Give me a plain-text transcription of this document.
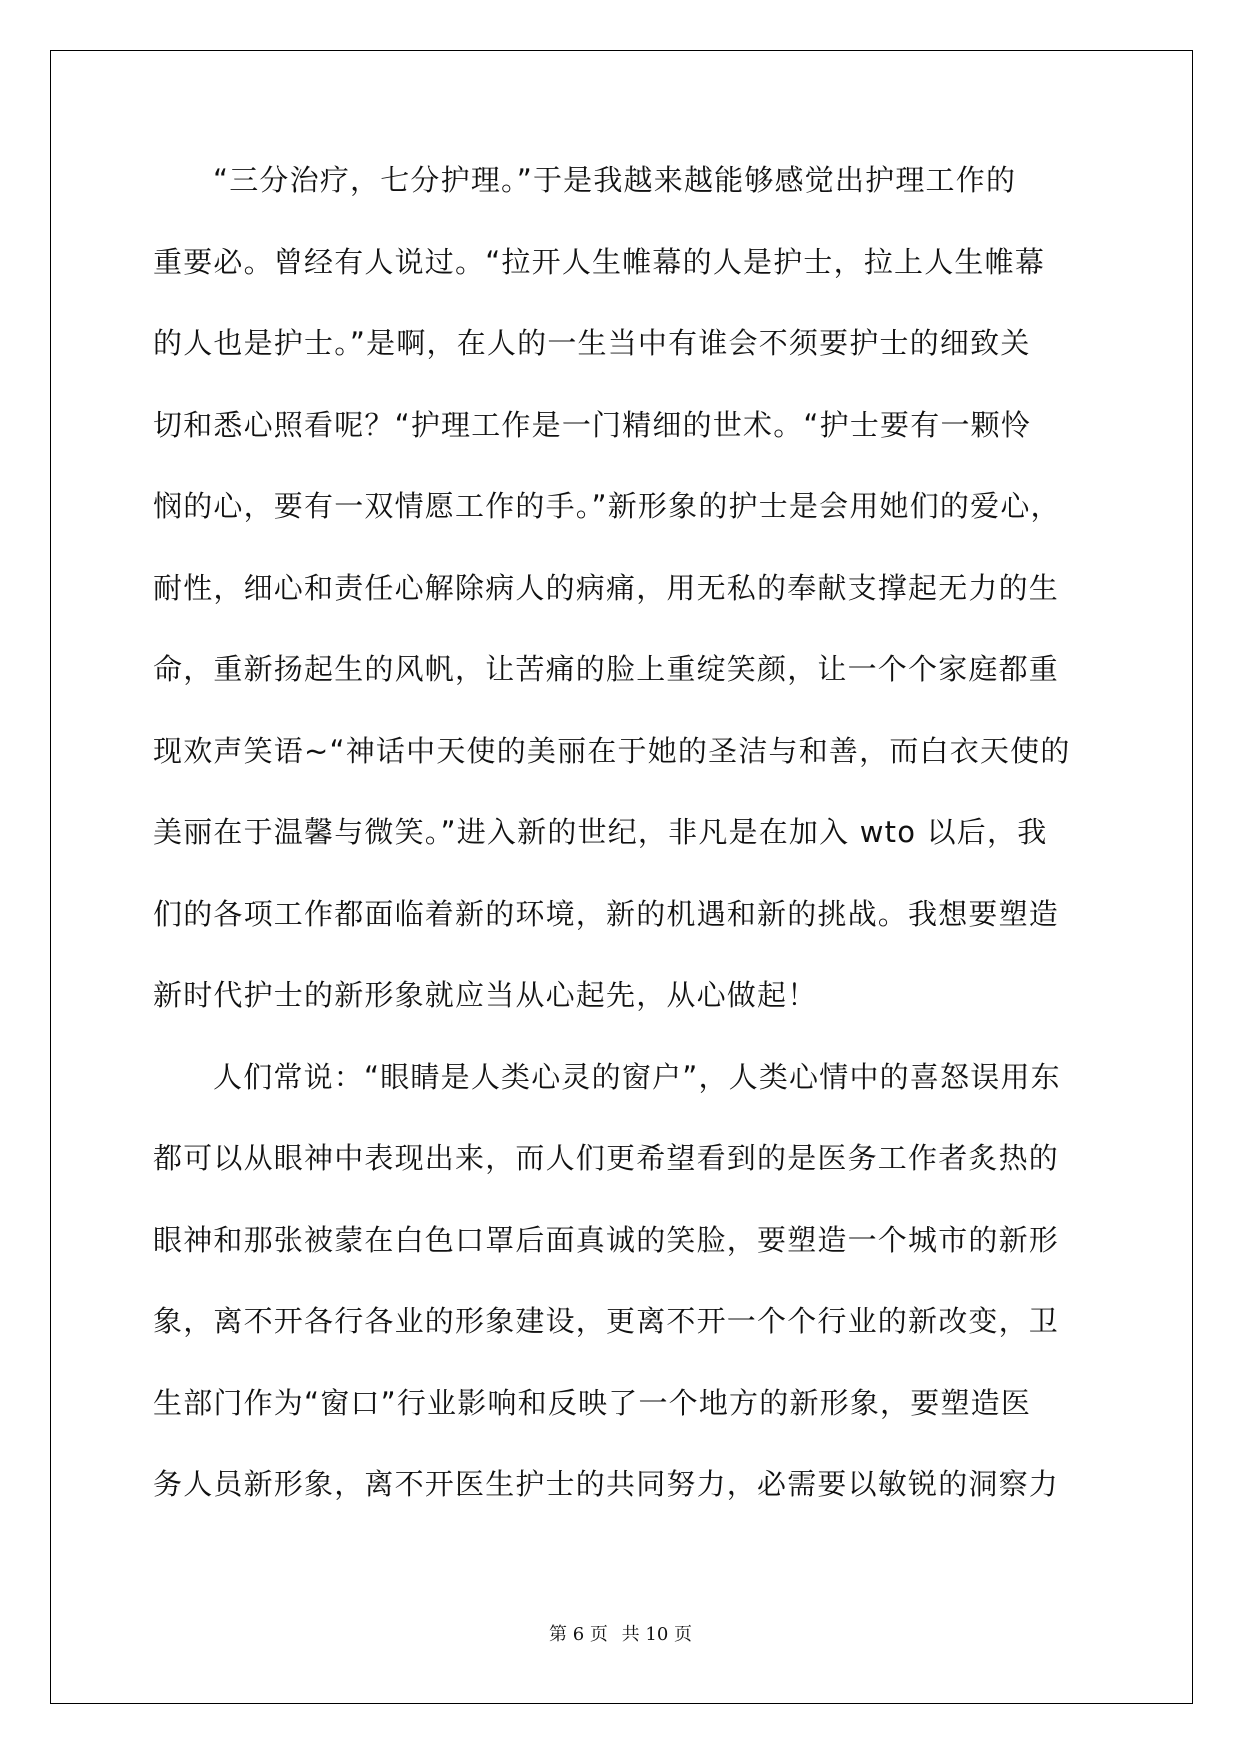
“三分治疗，七分护理。”于是我越来越能够感觉出护理工作的
重要必。曾经有人说过。“拉开人生帷幕的人是护士，拉上人生帷幕
的人也是护士。”是啊，在人的一生当中有谁会不须要护士的细致关
切和悉心照看呢？“护理工作是一门精细的世术。“护士要有一颗怜
悯的心，要有一双情愿工作的手。”新形象的护士是会用她们的爱心，
耐性，细心和责任心解除病人的病痛，用无私的奉献支撑起无力的生
命，重新扬起生的风帆，让苦痛的脸上重绽笑颜，让一个个家庭都重
现欢声笑语~“神话中天使的美丽在于她的圣洁与和善，而白衣天使的
美丽在于温馨与微笑。”进入新的世纪，非凡是在加入 wto 以后，我
们的各项工作都面临着新的环境，新的机遇和新的挑战。我想要塑造
新时代护士的新形象就应当从心起先，从心做起！
人们常说：“眼睛是人类心灵的窗户”，人类心情中的喜怒误用东
都可以从眼神中表现出来，而人们更希望看到的是医务工作者炙热的
眼神和那张被蒙在白色口罩后面真诚的笑脸，要塑造一个城市的新形
象，离不开各行各业的形象建设，更离不开一个个行业的新改变，卫
生部门作为“窗口”行业影响和反映了一个地方的新形象，要塑造医
务人员新形象，离不开医生护士的共同努力，必需要以敏锐的洞察力
第 6 页 共 10 页
